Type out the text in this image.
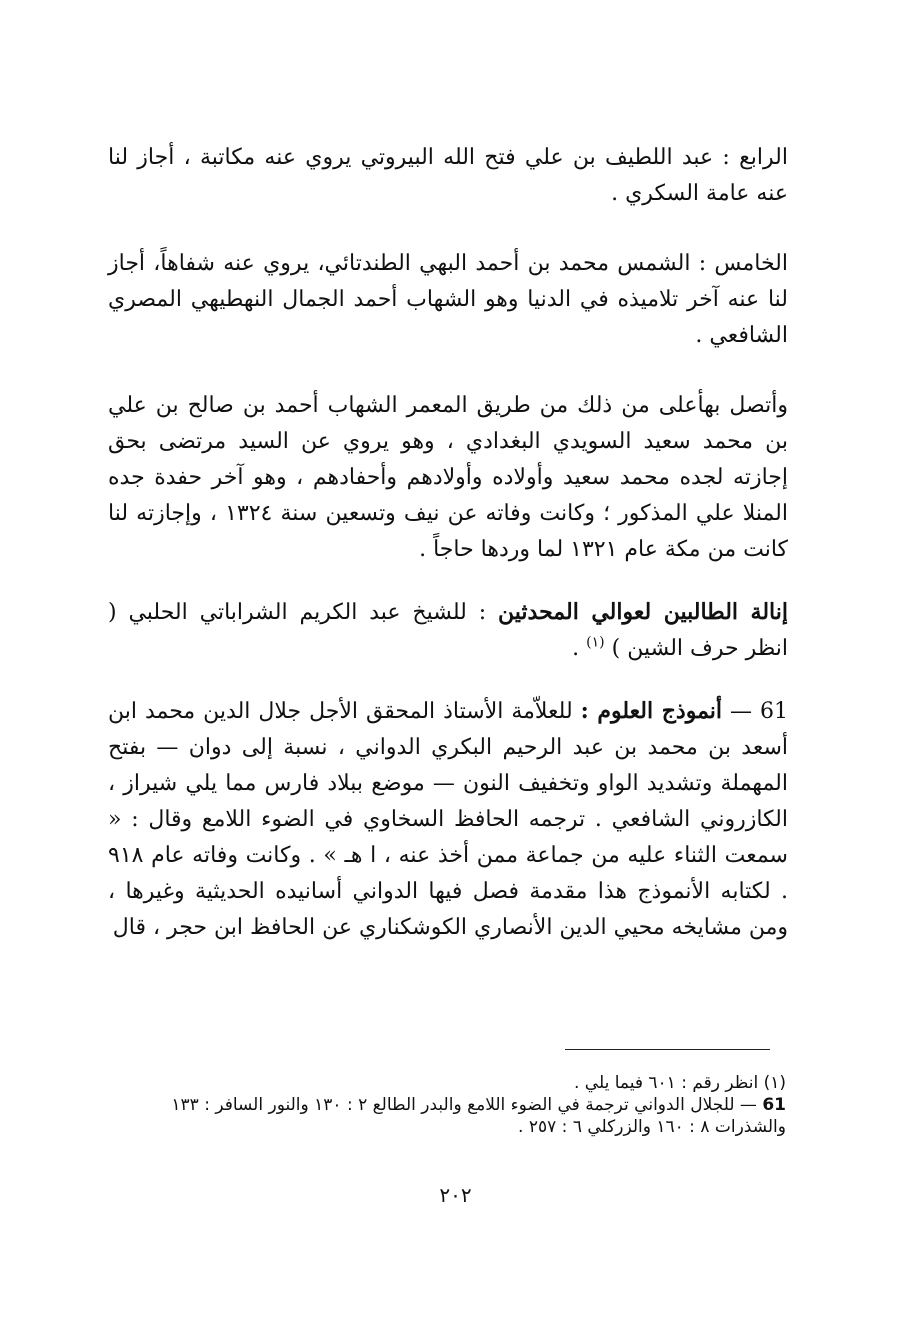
الرابع : عبد اللطيف بن علي فتح الله البيروتي يروي عنه مكاتبة ، أجاز لنا عنه عامة السكري .

الخامس : الشمس محمد بن أحمد البهي الطندتائي، يروي عنه شفاهاً، أجاز لنا عنه آخر تلاميذه في الدنيا وهو الشهاب أحمد الجمال النهطيهي المصري الشافعي .

وأتصل بهأعلى من ذلك من طريق المعمر الشهاب أحمد بن صالح بن علي بن محمد سعيد السويدي البغدادي ، وهو يروي عن السيد مرتضى بحق إجازته لجده محمد سعيد وأولاده وأولادهم وأحفادهم ، وهو آخر حفدة جده المنلا علي المذكور ؛ وكانت وفاته عن نيف وتسعين سنة ١٣٢٤ ، وإجازته لنا كانت من مكة عام ١٣٢١ لما وردها حاجاً .

إنالة الطالبين لعوالي المحدثين : للشيخ عبد الكريم الشراباتي الحلبي ( انظر حرف الشين ) $^{(١)}$ .

61 — أنموذج العلوم : للعلاّمة الأستاذ المحقق الأجل جلال الدين محمد ابن أسعد بن محمد بن عبد الرحيم البكري الدواني ، نسبة إلى دوان — بفتح المهملة وتشديد الواو وتخفيف النون — موضع ببلاد فارس مما يلي شيراز ، الكازروني الشافعي . ترجمه الحافظ السخاوي في الضوء اللامع وقال : « سمعت الثناء عليه من جماعة ممن أخذ عنه ، ا هـ » . وكانت وفاته عام ٩١٨ . لكتابه الأنموذج هذا مقدمة فصل فيها الدواني أسانيده الحديثية وغيرها ، ومن مشايخه محيي الدين الأنصاري الكوشكناري عن الحافظ ابن حجر ، قال

(١) انظر رقم : ٦٠١ فيما يلي .

61 — للجلال الدواني ترجمة في الضوء اللامع والبدر الطالع ٢ : ١٣٠ والنور السافر : ١٣٣ والشذرات ٨ : ١٦٠ والزركلي ٦ : ٢٥٧ .

٢٠٢
